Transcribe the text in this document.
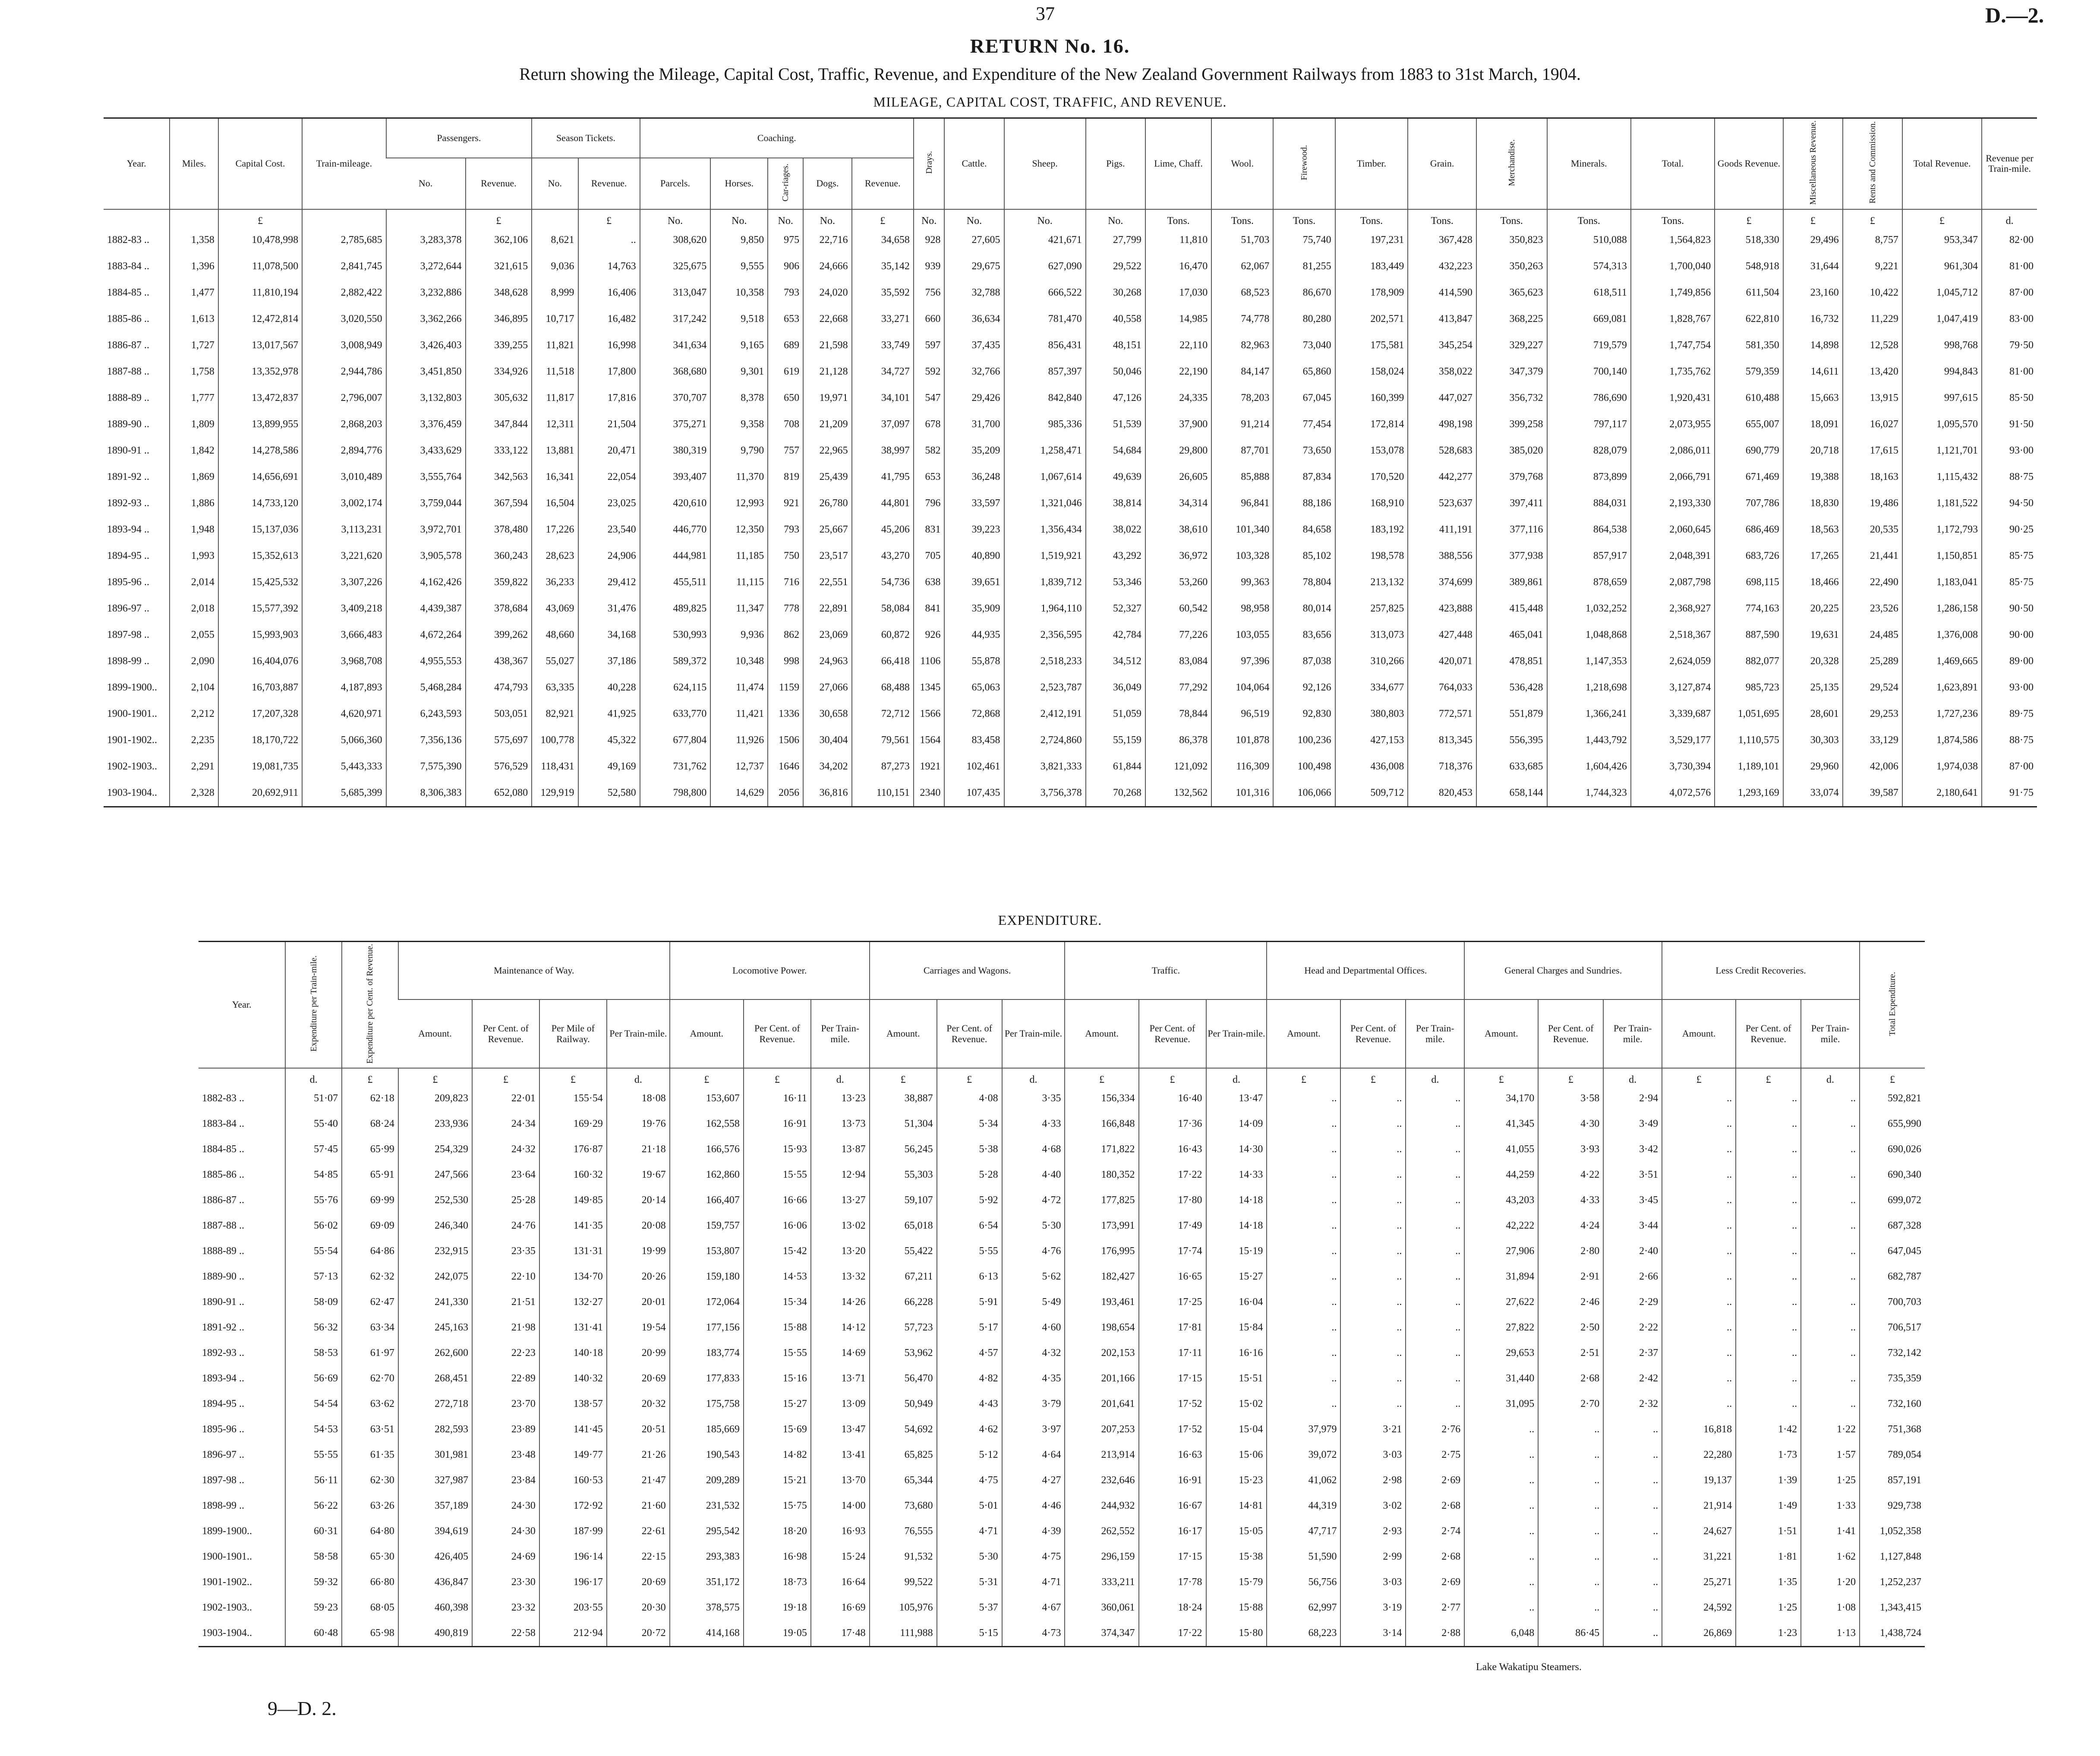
37	D.—2.
RETURN No. 16.
Return showing the Mileage, Capital Cost, Traffic, Revenue, and Expenditure of the New Zealand Government Railways from 1883 to 31st March, 1904.
MILEAGE, CAPITAL COST, TRAFFIC, AND REVENUE.
Year.	Miles.	Capital Cost.	Train-mileage.	Passengers.		Season Tickets.		Coaching.					Drays.	Cattle.	Sheep.	Pigs.	Lime, Chaff.	Wool.	Firewood.	Timber.	Grain.	Merchandise.	Minerals.	Total.	Goods Revenue.	Miscellaneous Revenue.	Rents and Commission.	Total Revenue.	Revenue per Train-mile.
				No.	Revenue.	No.	Revenue.	Parcels.	Horses.	Car-riages.	Dogs.	Revenue.																	
		£			£		£	No.	No.	No.	No.	£	No.	No.	No.	No.	Tons.	Tons.	Tons.	Tons.	Tons.	Tons.	Tons.	Tons.	£	£	£	£	d.
1882-83 ..	1,358	10,478,998	2,785,685	3,283,378	362,106	8,621	..	308,620	9,850	975	22,716	34,658	928	27,605	421,671	27,799	11,810	51,703	75,740	197,231	367,428	350,823	510,088	1,564,823	518,330	29,496	8,757	953,347	82·00
1883-84 ..	1,396	11,078,500	2,841,745	3,272,644	321,615	9,036	14,763	325,675	9,555	906	24,666	35,142	939	29,675	627,090	29,522	16,470	62,067	81,255	183,449	432,223	350,263	574,313	1,700,040	548,918	31,644	9,221	961,304	81·00
1884-85 ..	1,477	11,810,194	2,882,422	3,232,886	348,628	8,999	16,406	313,047	10,358	793	24,020	35,592	756	32,788	666,522	30,268	17,030	68,523	86,670	178,909	414,590	365,623	618,511	1,749,856	611,504	23,160	10,422	1,045,712	87·00
1885-86 ..	1,613	12,472,814	3,020,550	3,362,266	346,895	10,717	16,482	317,242	9,518	653	22,668	33,271	660	36,634	781,470	40,558	14,985	74,778	80,280	202,571	413,847	368,225	669,081	1,828,767	622,810	16,732	11,229	1,047,419	83·00
1886-87 ..	1,727	13,017,567	3,008,949	3,426,403	339,255	11,821	16,998	341,634	9,165	689	21,598	33,749	597	37,435	856,431	48,151	22,110	82,963	73,040	175,581	345,254	329,227	719,579	1,747,754	581,350	14,898	12,528	998,768	79·50
1887-88 ..	1,758	13,352,978	2,944,786	3,451,850	334,926	11,518	17,800	368,680	9,301	619	21,128	34,727	592	32,766	857,397	50,046	22,190	84,147	65,860	158,024	358,022	347,379	700,140	1,735,762	579,359	14,611	13,420	994,843	81·00
1888-89 ..	1,777	13,472,837	2,796,007	3,132,803	305,632	11,817	17,816	370,707	8,378	650	19,971	34,101	547	29,426	842,840	47,126	24,335	78,203	67,045	160,399	447,027	356,732	786,690	1,920,431	610,488	15,663	13,915	997,615	85·50
1889-90 ..	1,809	13,899,955	2,868,203	3,376,459	347,844	12,311	21,504	375,271	9,358	708	21,209	37,097	678	31,700	985,336	51,539	37,900	91,214	77,454	172,814	498,198	399,258	797,117	2,073,955	655,007	18,091	16,027	1,095,570	91·50
1890-91 ..	1,842	14,278,586	2,894,776	3,433,629	333,122	13,881	20,471	380,319	9,790	757	22,965	38,997	582	35,209	1,258,471	54,684	29,800	87,701	73,650	153,078	528,683	385,020	828,079	2,086,011	690,779	20,718	17,615	1,121,701	93·00
1891-92 ..	1,869	14,656,691	3,010,489	3,555,764	342,563	16,341	22,054	393,407	11,370	819	25,439	41,795	653	36,248	1,067,614	49,639	26,605	85,888	87,834	170,520	442,277	379,768	873,899	2,066,791	671,469	19,388	18,163	1,115,432	88·75
1892-93 ..	1,886	14,733,120	3,002,174	3,759,044	367,594	16,504	23,025	420,610	12,993	921	26,780	44,801	796	33,597	1,321,046	38,814	34,314	96,841	88,186	168,910	523,637	397,411	884,031	2,193,330	707,786	18,830	19,486	1,181,522	94·50
1893-94 ..	1,948	15,137,036	3,113,231	3,972,701	378,480	17,226	23,540	446,770	12,350	793	25,667	45,206	831	39,223	1,356,434	38,022	38,610	101,340	84,658	183,192	411,191	377,116	864,538	2,060,645	686,469	18,563	20,535	1,172,793	90·25
1894-95 ..	1,993	15,352,613	3,221,620	3,905,578	360,243	28,623	24,906	444,981	11,185	750	23,517	43,270	705	40,890	1,519,921	43,292	36,972	103,328	85,102	198,578	388,556	377,938	857,917	2,048,391	683,726	17,265	21,441	1,150,851	85·75
1895-96 ..	2,014	15,425,532	3,307,226	4,162,426	359,822	36,233	29,412	455,511	11,115	716	22,551	54,736	638	39,651	1,839,712	53,346	53,260	99,363	78,804	213,132	374,699	389,861	878,659	2,087,798	698,115	18,466	22,490	1,183,041	85·75
1896-97 ..	2,018	15,577,392	3,409,218	4,439,387	378,684	43,069	31,476	489,825	11,347	778	22,891	58,084	841	35,909	1,964,110	52,327	60,542	98,958	80,014	257,825	423,888	415,448	1,032,252	2,368,927	774,163	20,225	23,526	1,286,158	90·50
1897-98 ..	2,055	15,993,903	3,666,483	4,672,264	399,262	48,660	34,168	530,993	9,936	862	23,069	60,872	926	44,935	2,356,595	42,784	77,226	103,055	83,656	313,073	427,448	465,041	1,048,868	2,518,367	887,590	19,631	24,485	1,376,008	90·00
1898-99 ..	2,090	16,404,076	3,968,708	4,955,553	438,367	55,027	37,186	589,372	10,348	998	24,963	66,418	1106	55,878	2,518,233	34,512	83,084	97,396	87,038	310,266	420,071	478,851	1,147,353	2,624,059	882,077	20,328	25,289	1,469,665	89·00
1899-1900..	2,104	16,703,887	4,187,893	5,468,284	474,793	63,335	40,228	624,115	11,474	1159	27,066	68,488	1345	65,063	2,523,787	36,049	77,292	104,064	92,126	334,677	764,033	536,428	1,218,698	3,127,874	985,723	25,135	29,524	1,623,891	93·00
1900-1901..	2,212	17,207,328	4,620,971	6,243,593	503,051	82,921	41,925	633,770	11,421	1336	30,658	72,712	1566	72,868	2,412,191	51,059	78,844	96,519	92,830	380,803	772,571	551,879	1,366,241	3,339,687	1,051,695	28,601	29,253	1,727,236	89·75
1901-1902..	2,235	18,170,722	5,066,360	7,356,136	575,697	100,778	45,322	677,804	11,926	1506	30,404	79,561	1564	83,458	2,724,860	55,159	86,378	101,878	100,236	427,153	813,345	556,395	1,443,792	3,529,177	1,110,575	30,303	33,129	1,874,586	88·75
1902-1903..	2,291	19,081,735	5,443,333	7,575,390	576,529	118,431	49,169	731,762	12,737	1646	34,202	87,273	1921	102,461	3,821,333	61,844	121,092	116,309	100,498	436,008	718,376	633,685	1,604,426	3,730,394	1,189,101	29,960	42,006	1,974,038	87·00
1903-1904..	2,328	20,692,911	5,685,399	8,306,383	652,080	129,919	52,580	798,800	14,629	2056	36,816	110,151	2340	107,435	3,756,378	70,268	132,562	101,316	106,066	509,712	820,453	658,144	1,744,323	4,072,576	1,293,169	33,074	39,587	2,180,641	91·75
EXPENDITURE.
Year.	Expenditure per Train-mile.	Expenditure per Cent. of Revenue.	Maintenance of Way.				Locomotive Power.			Carriages and Wagons.			Traffic.			Head and Departmental Offices.			General Charges and Sundries.			Less Credit Recoveries.			Total Expenditure.
			Amount.	Per Cent. of Revenue.	Per Mile of Railway.	Per Train-mile.	Amount.	Per Cent. of Revenue.	Per Train-mile.	Amount.	Per Cent. of Revenue.	Per Train-mile.	Amount.	Per Cent. of Revenue.	Per Train-mile.	Amount.	Per Cent. of Revenue.	Per Train-mile.	Amount.	Per Cent. of Revenue.	Per Train-mile.	Amount.	Per Cent. of Revenue.	Per Train-mile.	
	d.	£	£	£	£	d.	£	£	d.	£	£	d.	£	£	d.	£	£	d.	£	£	d.	£	£	d.	£
1882-83 ..	51·07	62·18	209,823	22·01	155·54	18·08	153,607	16·11	13·23	38,887	4·08	3·35	156,334	16·40	13·47	..	..	..	34,170	3·58	2·94	..	..	..	592,821
1883-84 ..	55·40	68·24	233,936	24·34	169·29	19·76	162,558	16·91	13·73	51,304	5·34	4·33	166,848	17·36	14·09	..	..	..	41,345	4·30	3·49	..	..	..	655,990
1884-85 ..	57·45	65·99	254,329	24·32	176·87	21·18	166,576	15·93	13·87	56,245	5·38	4·68	171,822	16·43	14·30	..	..	..	41,055	3·93	3·42	..	..	..	690,026
1885-86 ..	54·85	65·91	247,566	23·64	160·32	19·67	162,860	15·55	12·94	55,303	5·28	4·40	180,352	17·22	14·33	..	..	..	44,259	4·22	3·51	..	..	..	690,340
1886-87 ..	55·76	69·99	252,530	25·28	149·85	20·14	166,407	16·66	13·27	59,107	5·92	4·72	177,825	17·80	14·18	..	..	..	43,203	4·33	3·45	..	..	..	699,072
1887-88 ..	56·02	69·09	246,340	24·76	141·35	20·08	159,757	16·06	13·02	65,018	6·54	5·30	173,991	17·49	14·18	..	..	..	42,222	4·24	3·44	..	..	..	687,328
1888-89 ..	55·54	64·86	232,915	23·35	131·31	19·99	153,807	15·42	13·20	55,422	5·55	4·76	176,995	17·74	15·19	..	..	..	27,906	2·80	2·40	..	..	..	647,045
1889-90 ..	57·13	62·32	242,075	22·10	134·70	20·26	159,180	14·53	13·32	67,211	6·13	5·62	182,427	16·65	15·27	..	..	..	31,894	2·91	2·66	..	..	..	682,787
1890-91 ..	58·09	62·47	241,330	21·51	132·27	20·01	172,064	15·34	14·26	66,228	5·91	5·49	193,461	17·25	16·04	..	..	..	27,622	2·46	2·29	..	..	..	700,703
1891-92 ..	56·32	63·34	245,163	21·98	131·41	19·54	177,156	15·88	14·12	57,723	5·17	4·60	198,654	17·81	15·84	..	..	..	27,822	2·50	2·22	..	..	..	706,517
1892-93 ..	58·53	61·97	262,600	22·23	140·18	20·99	183,774	15·55	14·69	53,962	4·57	4·32	202,153	17·11	16·16	..	..	..	29,653	2·51	2·37	..	..	..	732,142
1893-94 ..	56·69	62·70	268,451	22·89	140·32	20·69	177,833	15·16	13·71	56,470	4·82	4·35	201,166	17·15	15·51	..	..	..	31,440	2·68	2·42	..	..	..	735,359
1894-95 ..	54·54	63·62	272,718	23·70	138·57	20·32	175,758	15·27	13·09	50,949	4·43	3·79	201,641	17·52	15·02	..	..	..	31,095	2·70	2·32	..	..	..	732,160
1895-96 ..	54·53	63·51	282,593	23·89	141·45	20·51	185,669	15·69	13·47	54,692	4·62	3·97	207,253	17·52	15·04	37,979	3·21	2·76	..	..	..	16,818	1·42	1·22	751,368
1896-97 ..	55·55	61·35	301,981	23·48	149·77	21·26	190,543	14·82	13·41	65,825	5·12	4·64	213,914	16·63	15·06	39,072	3·03	2·75	..	..	..	22,280	1·73	1·57	789,054
1897-98 ..	56·11	62·30	327,987	23·84	160·53	21·47	209,289	15·21	13·70	65,344	4·75	4·27	232,646	16·91	15·23	41,062	2·98	2·69	..	..	..	19,137	1·39	1·25	857,191
1898-99 ..	56·22	63·26	357,189	24·30	172·92	21·60	231,532	15·75	14·00	73,680	5·01	4·46	244,932	16·67	14·81	44,319	3·02	2·68	..	..	..	21,914	1·49	1·33	929,738
1899-1900..	60·31	64·80	394,619	24·30	187·99	22·61	295,542	18·20	16·93	76,555	4·71	4·39	262,552	16·17	15·05	47,717	2·93	2·74	..	..	..	24,627	1·51	1·41	1,052,358
1900-1901..	58·58	65·30	426,405	24·69	196·14	22·15	293,383	16·98	15·24	91,532	5·30	4·75	296,159	17·15	15·38	51,590	2·99	2·68	..	..	..	31,221	1·81	1·62	1,127,848
1901-1902..	59·32	66·80	436,847	23·30	196·17	20·69	351,172	18·73	16·64	99,522	5·31	4·71	333,211	17·78	15·79	56,756	3·03	2·69	..	..	..	25,271	1·35	1·20	1,252,237
1902-1903..	59·23	68·05	460,398	23·32	203·55	20·30	378,575	19·18	16·69	105,976	5·37	4·67	360,061	18·24	15·88	62,997	3·19	2·77	..	..	..	24,592	1·25	1·08	1,343,415
1903-1904..	60·48	65·98	490,819	22·58	212·94	20·72	414,168	19·05	17·48	111,988	5·15	4·73	374,347	17·22	15·80	68,223	3·14	2·88	6,048	86·45	..	26,869	1·23	1·13	1,438,724
Lake Wakatipu Steamers.
9—D. 2.
